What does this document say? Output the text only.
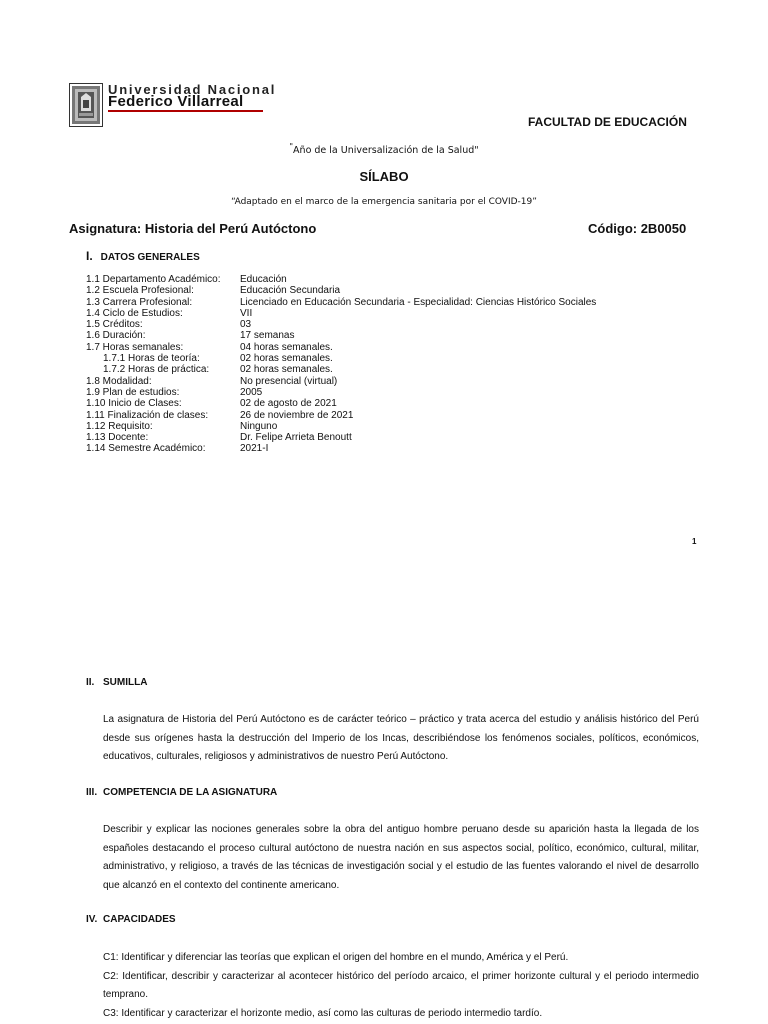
Universidad Nacional
Federico Villarreal
FACULTAD DE EDUCACIÓN
"Año de la Universalización de la Salud"
SÍLABO
“Adaptado en el marco de la emergencia sanitaria por el COVID-19”
Asignatura: Historia del Perú Autóctono	Código: 2B0050
I. DATOS GENERALES
1.1 Departamento Académico:	Educación
1.2 Escuela Profesional:	Educación Secundaria
1.3 Carrera Profesional:	Licenciado en Educación Secundaria - Especialidad: Ciencias Histórico Sociales
1.4 Ciclo de Estudios:	VII
1.5 Créditos:	03
1.6 Duración:	17 semanas
1.7 Horas semanales:	04 horas semanales.
1.7.1 Horas de teoría:	02 horas semanales.
1.7.2 Horas de práctica:	02 horas semanales.
1.8 Modalidad:	No presencial (virtual)
1.9 Plan de estudios:	2005
1.10 Inicio de Clases:	02 de agosto de 2021
1.11 Finalización de clases:	26 de noviembre de 2021
1.12 Requisito:	Ninguno
1.13 Docente:	Dr. Felipe Arrieta Benoutt
1.14 Semestre Académico:	2021-I
1
II. SUMILLA
La asignatura de Historia del Perú Autóctono es de carácter teórico – práctico y trata acerca del estudio y análisis histórico del Perú desde sus orígenes hasta la destrucción del Imperio de los Incas, describiéndose los fenómenos sociales, políticos, económicos, educativos, culturales, religiosos y administrativos de nuestro Perú Autóctono.
III. COMPETENCIA DE LA ASIGNATURA
Describir y explicar las nociones generales sobre la obra del antiguo hombre peruano desde su aparición hasta la llegada de los españoles destacando el proceso cultural autóctono de nuestra nación en sus aspectos social, político, económico, cultural, militar, administrativo, y religioso, a través de las técnicas de investigación social y el estudio de las fuentes valorando el nivel de desarrollo que alcanzó en el contexto del continente americano.
IV. CAPACIDADES
C1: Identificar y diferenciar las teorías que explican el origen del hombre en el mundo, América y el Perú.
C2: Identificar, describir y caracterizar al acontecer histórico del período arcaico, el primer horizonte cultural y el periodo intermedio temprano.
C3: Identificar y caracterizar el horizonte medio, así como las culturas de periodo intermedio tardío.
